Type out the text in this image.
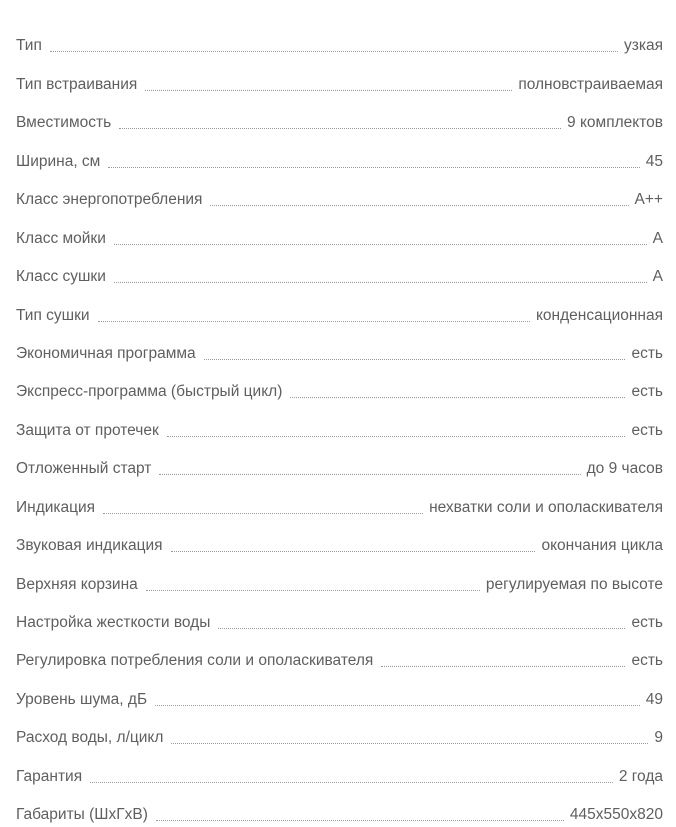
Тип	узкая
Тип встраивания	полновстраиваемая
Вместимость	9 комплектов
Ширина, см	45
Класс энергопотребления	A++
Класс мойки	A
Класс сушки	A
Тип сушки	конденсационная
Экономичная программа	есть
Экспресс-программа (быстрый цикл)	есть
Защита от протечек	есть
Отложенный старт	до 9 часов
Индикация	нехватки соли и ополаскивателя
Звуковая индикация	окончания цикла
Верхняя корзина	регулируемая по высоте
Настройка жесткости воды	есть
Регулировка потребления соли и ополаскивателя	есть
Уровень шума, дБ	49
Расход воды, л/цикл	9
Гарантия	2 года
Габариты (ШхГхВ)	445x550x820
